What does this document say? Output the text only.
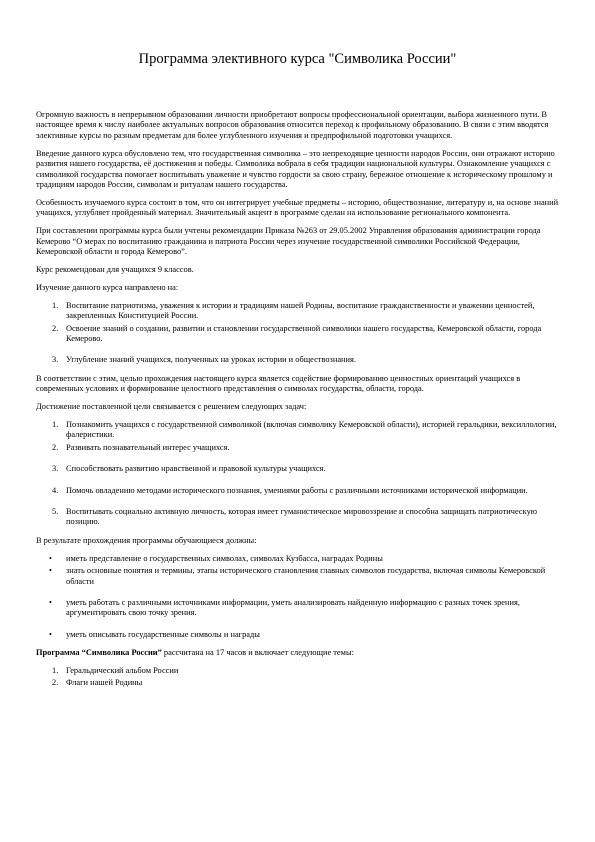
Программа элективного курса "Символика России"

Огромную важность в непрерывном образовании личности приобретают вопросы профессиональной ориентации, выбора жизненного пути. В настоящее время к числу наиболее актуальных вопросов образования относится переход к профильному образованию. В связи с этим вводятся элективные курсы по разным предметам для более углубленного изучения и предпрофильной подготовки учащихся.

Введение данного курса обусловлено тем, что государственная символика – это непреходящие ценности народов России, они отражают историю развития нашего государства, её достижения и победы. Символика вобрала в себя традиции национальной культуры. Ознакомление учащихся с символикой государства помогает воспитывать уважение и чувство гордости за свою страну, бережное отношение к историческому прошлому и традициям народов России, символам и ритуалам нашего государства.

Особенность изучаемого курса состоит в том, что он интегрирует учебные предметы – историю, обществознание, литературу и, на основе знаний учащихся, углубляет пройденный материал. Значительный акцент в программе сделан на использование регионального компонента.

При составлении программы курса были учтены рекомендации Приказа №263 от 29.05.2002 Управления образования администрации города Кемерово “О мерах по воспитанию гражданина и патриота России через изучение государственной символики Российской Федерации, Кемеровской области и города Кемерово”.

Курс рекомендован для учащихся 9 классов.

Изучение данного курса направлено на:

1. Воспитание патриотизма, уважения к истории и традициям нашей Родины, воспитание гражданственности и уважении ценностей, закрепленных Конституцией России.
2. Освоение знаний о создании, развитии и становлении государственной символики нашего государства, Кемеровской области, города Кемерово.
3. Углубление знаний учащихся, полученных на уроках истории и обществознания.

В соответствии с этим, целью прохождения настоящего курса является содействие формированию ценностных ориентаций учащихся в современных условиях и формирование целостного представления о символах государства, области, города.

Достижение поставленной цели связывается с решением следующих задач:

1. Познакомить учащихся с государственной символикой (включая символику Кемеровской области), историей геральдики, вексиллологии, фалеристики.
2. Развивать познавательный интерес учащихся.
3. Способствовать развитию нравственной и правовой культуры учащихся.
4. Помочь овладению методами исторического познания, умениями работы с различными источниками исторической информации.
5. Воспитывать социально активную личность, которая имеет гуманистическое мировоззрение и способна защищать патриотическую позицию.

В результате прохождения программы обучающиеся должны:

• иметь представление о государственных символах, символах Кузбасса, наградах Родины
• знать основные понятия и термины, этапы исторического становления главных символов государства, включая символы Кемеровской области
• уметь работать с различными источниками информации, уметь анализировать найденную информацию с разных точек зрения, аргументировать свою точку зрения.
• уметь описывать государственные символы и награды

Программа “Символика России” рассчитана на 17 часов и включает следующие темы:

1. Геральдический альбом России
2. Флаги нашей Родины
